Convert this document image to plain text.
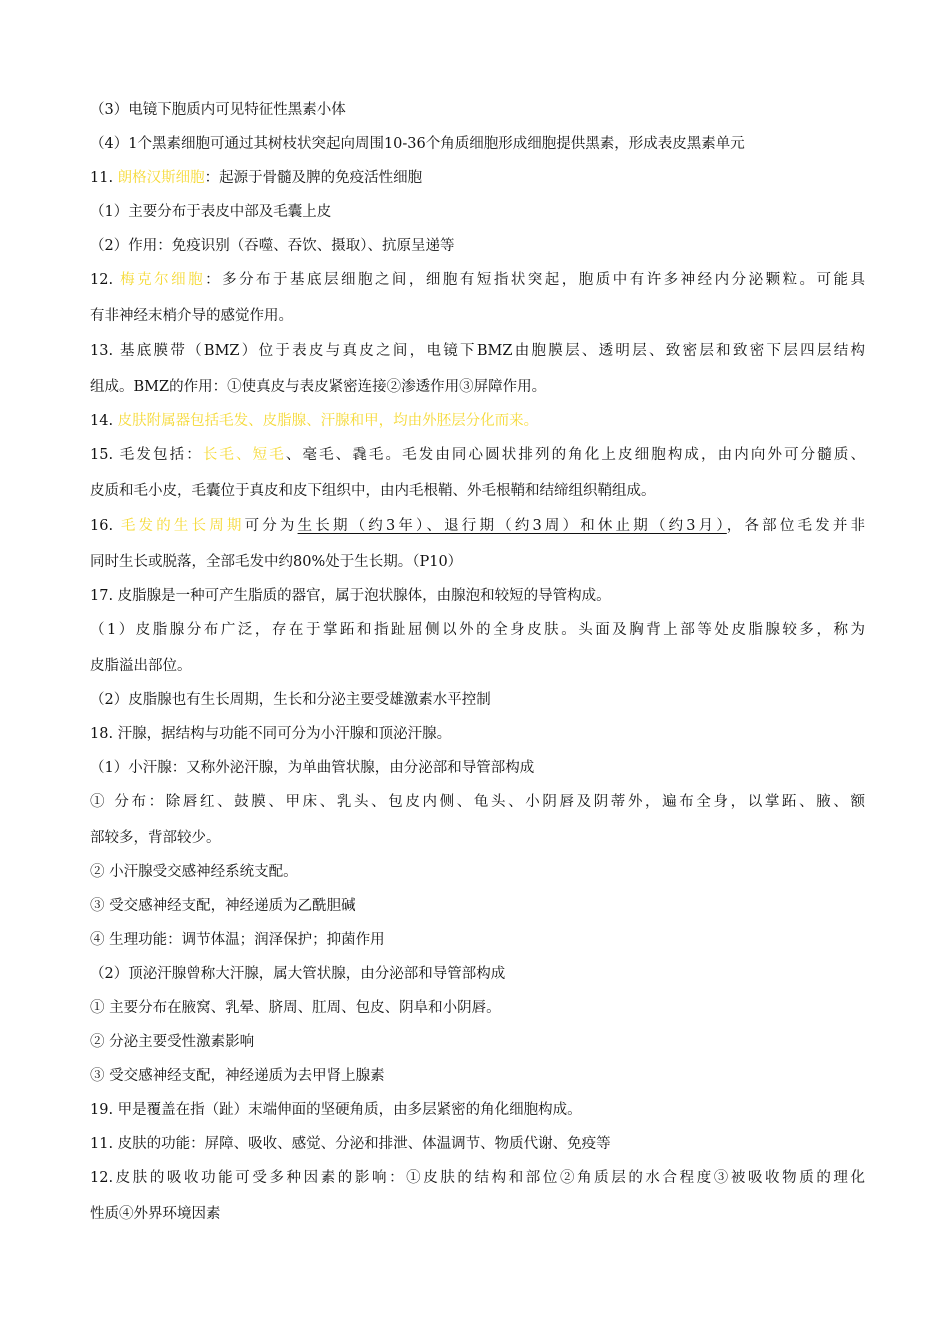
（3）电镜下胞质内可见特征性黑素小体
（4）1个黑素细胞可通过其树枝状突起向周围10-36个角质细胞形成细胞提供黑素，形成表皮黑素单元
11. 朗格汉斯细胞：起源于骨髓及脾的免疫活性细胞
（1）主要分布于表皮中部及毛囊上皮
（2）作用：免疫识别（吞噬、吞饮、摄取）、抗原呈递等
12. 梅克尔细胞：多分布于基底层细胞之间，细胞有短指状突起，胞质中有许多神经内分泌颗粒。可能具
有非神经末梢介导的感觉作用。
13. 基底膜带（BMZ）位于表皮与真皮之间，电镜下BMZ由胞膜层、透明层、致密层和致密下层四层结构
组成。BMZ的作用：①使真皮与表皮紧密连接②渗透作用③屏障作用。
14. 皮肤附属器包括毛发、皮脂腺、汗腺和甲，均由外胚层分化而来。
15. 毛发包括：长毛、短毛、毫毛、毳毛。毛发由同心圆状排列的角化上皮细胞构成，由内向外可分髓质、
皮质和毛小皮，毛囊位于真皮和皮下组织中，由内毛根鞘、外毛根鞘和结缔组织鞘组成。
16. 毛发的生长周期可分为生长期（约3年）、退行期（约3周）和休止期（约3月），各部位毛发并非
同时生长或脱落，全部毛发中约80%处于生长期。（P10）
17. 皮脂腺是一种可产生脂质的器官，属于泡状腺体，由腺泡和较短的导管构成。
（1）皮脂腺分布广泛，存在于掌跖和指趾屈侧以外的全身皮肤。头面及胸背上部等处皮脂腺较多，称为
皮脂溢出部位。
（2）皮脂腺也有生长周期，生长和分泌主要受雄激素水平控制
18. 汗腺，据结构与功能不同可分为小汗腺和顶泌汗腺。
（1）小汗腺：又称外泌汗腺，为单曲管状腺，由分泌部和导管部构成
① 分布：除唇红、鼓膜、甲床、乳头、包皮内侧、龟头、小阴唇及阴蒂外，遍布全身，以掌跖、腋、额
部较多，背部较少。
② 小汗腺受交感神经系统支配。
③ 受交感神经支配，神经递质为乙酰胆碱
④ 生理功能：调节体温；润泽保护；抑菌作用
（2）顶泌汗腺曾称大汗腺，属大管状腺，由分泌部和导管部构成
① 主要分布在腋窝、乳晕、脐周、肛周、包皮、阴阜和小阴唇。
② 分泌主要受性激素影响
③ 受交感神经支配，神经递质为去甲肾上腺素
19. 甲是覆盖在指（趾）末端伸面的坚硬角质，由多层紧密的角化细胞构成。
11. 皮肤的功能：屏障、吸收、感觉、分泌和排泄、体温调节、物质代谢、免疫等
12.皮肤的吸收功能可受多种因素的影响：①皮肤的结构和部位②角质层的水合程度③被吸收物质的理化
性质④外界环境因素
